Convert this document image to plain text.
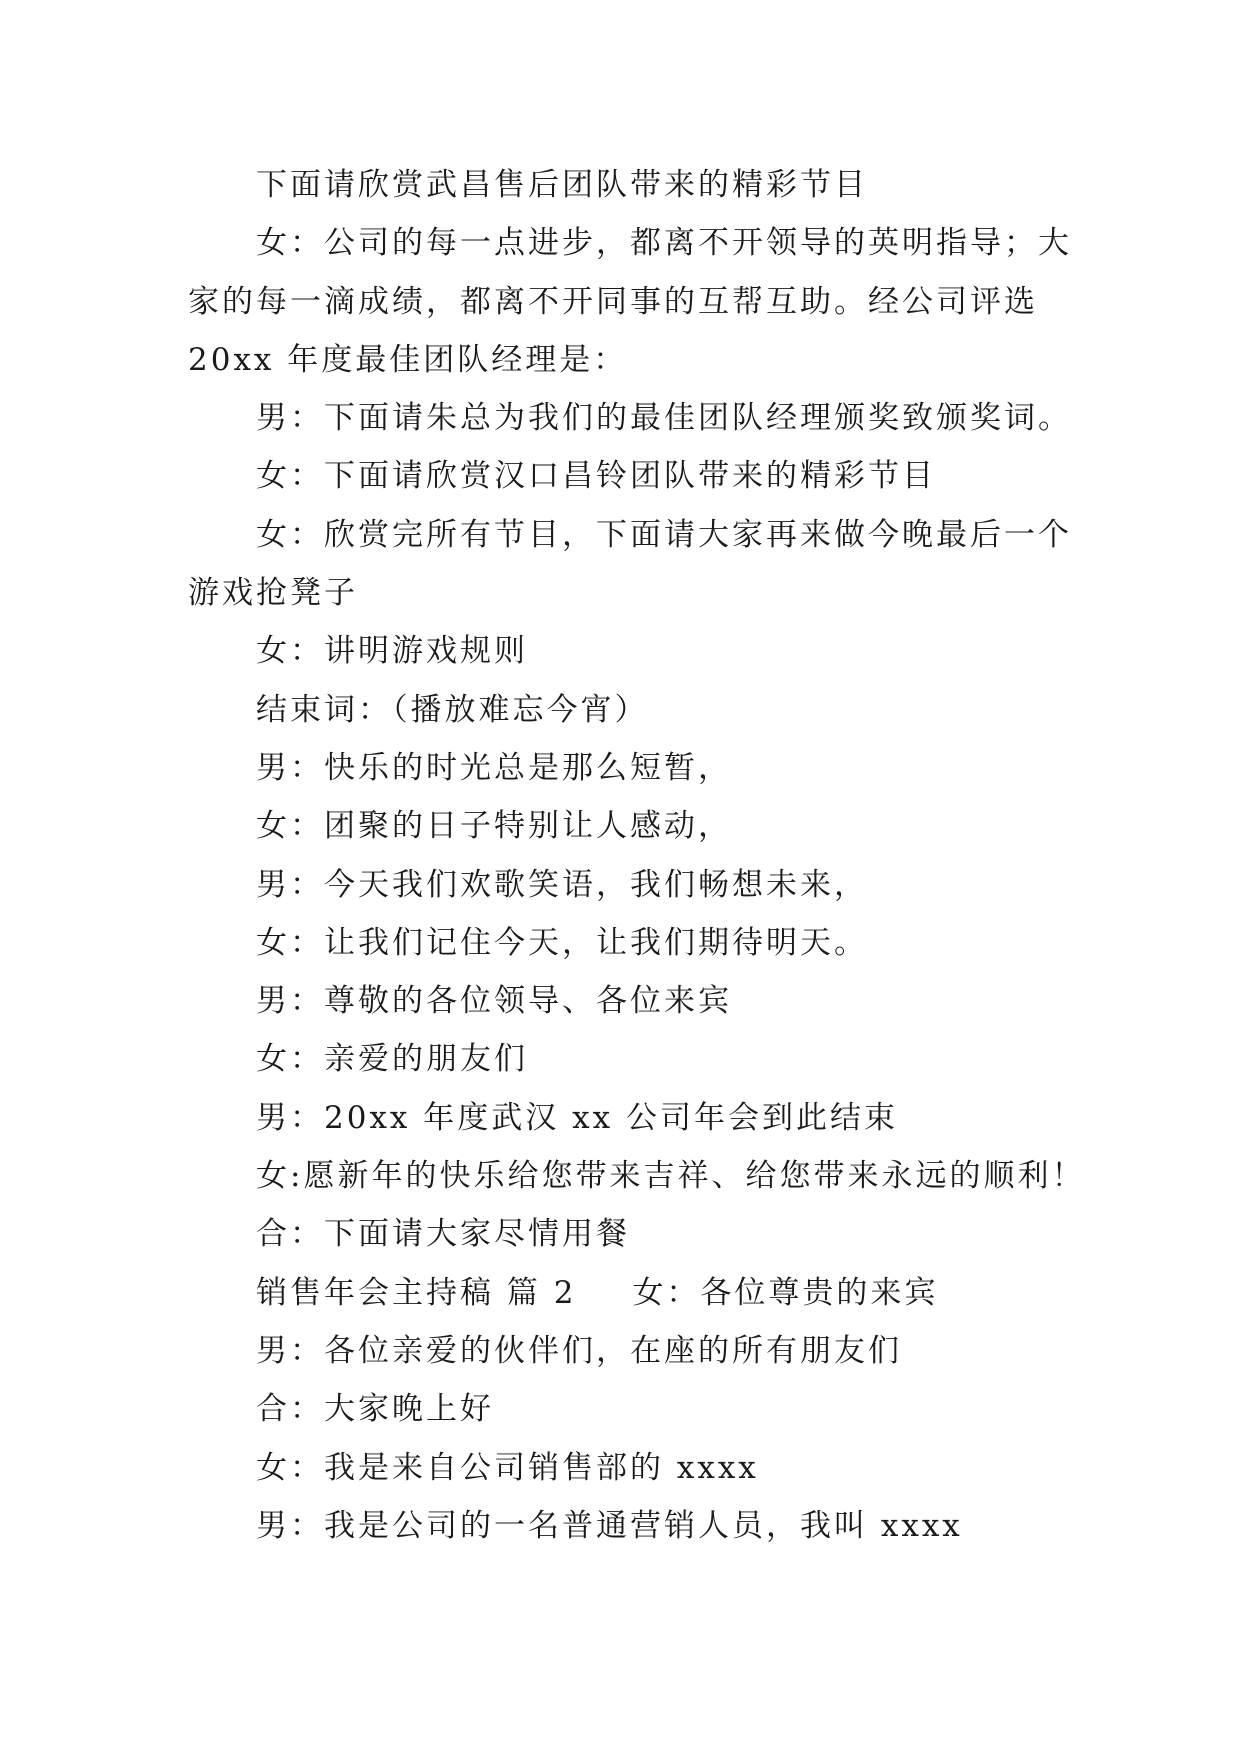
下面请欣赏武昌售后团队带来的精彩节目
女：公司的每一点进步，都离不开领导的英明指导；大
家的每一滴成绩，都离不开同事的互帮互助。经公司评选
20xx 年度最佳团队经理是：
男：下面请朱总为我们的最佳团队经理颁奖致颁奖词。
女：下面请欣赏汉口昌铃团队带来的精彩节目
女：欣赏完所有节目，下面请大家再来做今晚最后一个
游戏抢凳子
女：讲明游戏规则
结束词：（播放难忘今宵）
男：快乐的时光总是那么短暂，
女：团聚的日子特别让人感动，
男：今天我们欢歌笑语，我们畅想未来，
女：让我们记住今天，让我们期待明天。
男：尊敬的各位领导、各位来宾
女：亲爱的朋友们
男：20xx 年度武汉 xx 公司年会到此结束
女:愿新年的快乐给您带来吉祥、给您带来永远的顺利！
合：下面请大家尽情用餐
销售年会主持稿 篇 2 女：各位尊贵的来宾
男：各位亲爱的伙伴们，在座的所有朋友们
合：大家晚上好
女：我是来自公司销售部的 xxxx
男：我是公司的一名普通营销人员，我叫 xxxx
